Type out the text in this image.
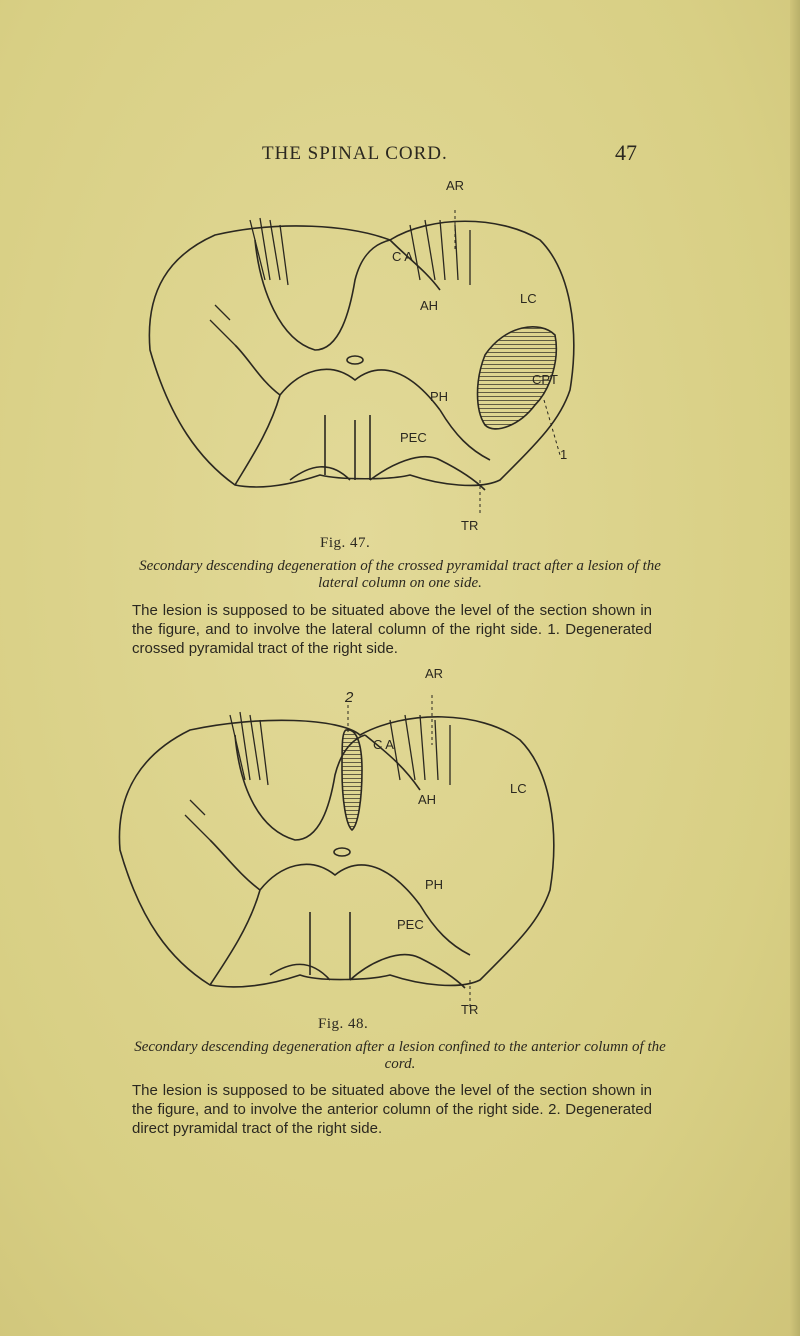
THE SPINAL CORD.	47
AR
TR
C A
AH	LC
CPT
PH
PEC
1
Fig. 47.
Secondary descending degeneration of the crossed pyramidal tract after a lesion of the lateral column on one side.
The lesion is supposed to be situated above the level of the section shown in the figure, and to involve the lateral column of the right side. 1. Degenerated crossed pyramidal tract of the right side.
AR
TR
C A
AH
LC
PH
PEC
2
Fig. 48.
Secondary descending degeneration after a lesion confined to the anterior column of the cord.
The lesion is supposed to be situated above the level of the section shown in the figure, and to involve the anterior column of the right side. 2. Degenerated direct pyramidal tract of the right side.
